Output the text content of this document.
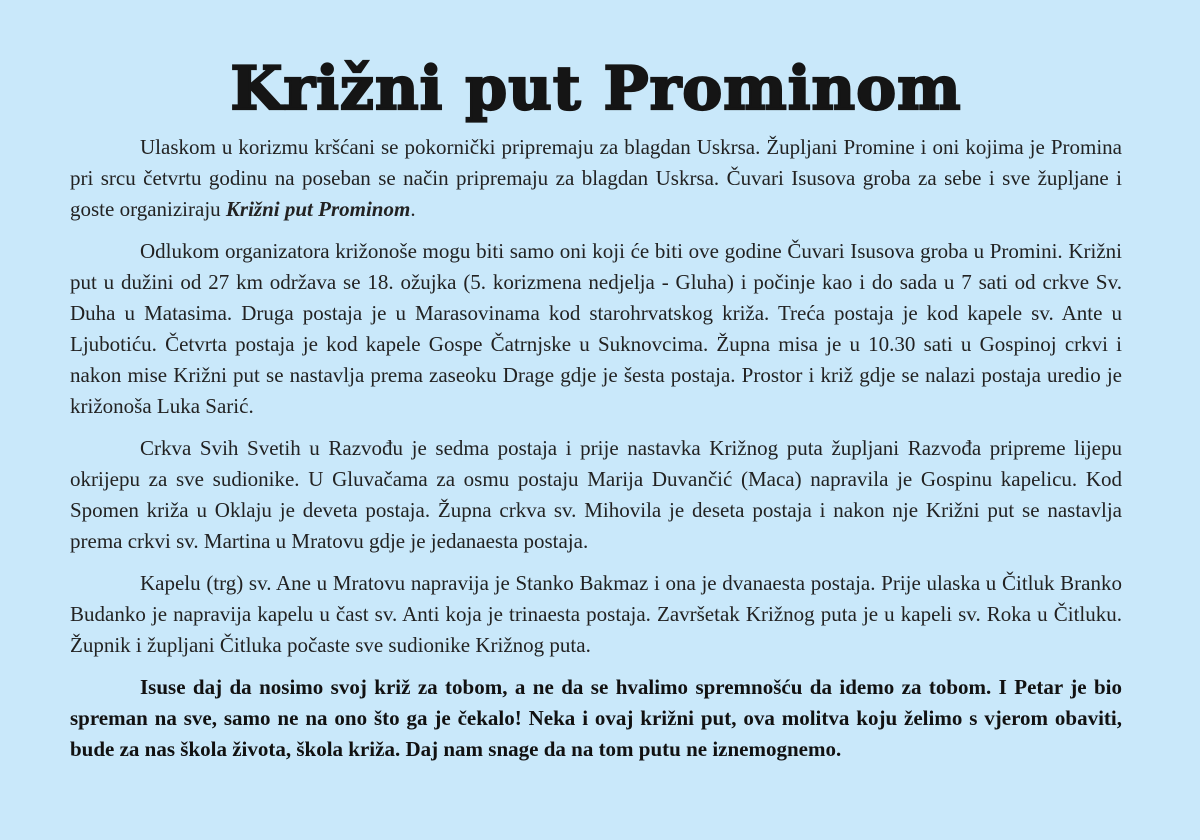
Križni put Prominom

Ulaskom u korizmu kršćani se pokornički pripremaju za blagdan Uskrsa. Župljani Promine i oni kojima je Promina pri srcu četvrtu godinu na poseban se način pripremaju za blagdan Uskrsa. Čuvari Isusova groba za sebe i sve župljane i goste organiziraju Križni put Prominom.

Odlukom organizatora križonoše mogu biti samo oni koji će biti ove godine Čuvari Isusova groba u Promini. Križni put u dužini od 27 km održava se 18. ožujka (5. korizmena nedjelja - Gluha) i počinje kao i do sada u 7 sati od crkve Sv. Duha u Matasima. Druga postaja je u Marasovinama kod starohrvatskog križa. Treća postaja je kod kapele sv. Ante u Ljubotiću. Četvrta postaja je kod kapele Gospe Čatrnjske u Suknovcima. Župna misa je u 10.30 sati u Gospinoj crkvi i nakon mise Križni put se nastavlja prema zaseoku Drage gdje je šesta postaja. Prostor i križ gdje se nalazi postaja uredio je križonoša Luka Sarić.

Crkva Svih Svetih u Razvođu je sedma postaja i prije nastavka Križnog puta župljani Razvođa pripreme lijepu okrijepu za sve sudionike. U Gluvačama za osmu postaju Marija Duvančić (Maca) napravila je Gospinu kapelicu. Kod Spomen križa u Oklaju je deveta postaja. Župna crkva sv. Mihovila je deseta postaja i nakon nje Križni put se nastavlja prema crkvi sv. Martina u Mratovu gdje je jedanaesta postaja.

Kapelu (trg) sv. Ane u Mratovu napravija je Stanko Bakmaz i ona je dvanaesta postaja. Prije ulaska u Čitluk Branko Budanko je napravija kapelu u čast sv. Anti koja je trinaesta postaja. Završetak Križnog puta je u kapeli sv. Roka u Čitluku. Župnik i župljani Čitluka počaste sve sudionike Križnog puta.

Isuse daj da nosimo svoj križ za tobom, a ne da se hvalimo spremnošću da idemo za tobom. I Petar je bio spreman na sve, samo ne na ono što ga je čekalo! Neka i ovaj križni put, ova molitva koju želimo s vjerom obaviti, bude za nas škola života, škola križa. Daj nam snage da na tom putu ne iznemognemo.
